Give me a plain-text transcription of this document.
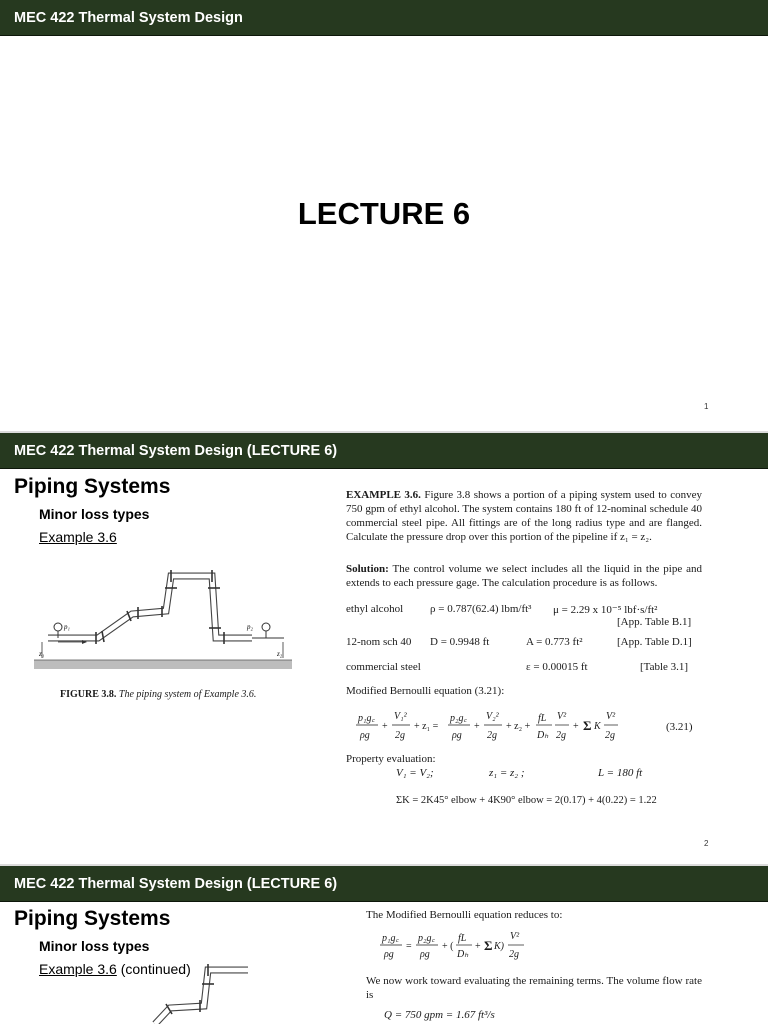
MEC 422 Thermal System Design
LECTURE 6
1
MEC 422 Thermal System Design (LECTURE 6)
Piping Systems
Minor loss types
Example 3.6
p₁	p₂
z₁	z₂
FIGURE 3.8. The piping system of Example 3.6.
EXAMPLE 3.6. Figure 3.8 shows a portion of a piping system used to convey 750 gpm of ethyl alcohol. The system contains 180 ft of 12-nominal schedule 40 commercial steel pipe. All fittings are of the long radius type and are flanged. Calculate the pressure drop over this portion of the pipeline if z₁ = z₂.
Solution: The control volume we select includes all the liquid in the pipe and extends to each pressure gage. The calculation procedure is as follows.
ethyl alcohol ρ = 0.787(62.4) lbm/ft³ μ = 2.29 x 10⁻⁵ lbf·s/ft²
[App. Table B.1]
12-nom sch 40 D = 0.9948 ft	A = 0.773 ft²	[App. Table D.1]
commercial steel	ε = 0.00015 ft	[Table 3.1]
Modified Bernoulli equation (3.21):
p₁g꜀
ρg
+
V₁²
2g
+ z₁ =
p₂g꜀
ρg
+
V₂²
2g
+ z₂ +
fL
Dₕ
V²
2g
+ Σ K
V²
2g
(3.21)
Property evaluation:
V₁ = V₂;	z₁ = z₂ ;	L = 180 ft
ΣK = 2K45° elbow + 4K90° elbow = 2(0.17) + 4(0.22) = 1.22
2
MEC 422 Thermal System Design (LECTURE 6)
Piping Systems
Minor loss types
Example 3.6 (continued)
The Modified Bernoulli equation reduces to:
p₁g꜀
ρg
=
p₂g꜀
ρg
+ (
fL
Dₕ
+ Σ K)
V²
2g
We now work toward evaluating the remaining terms. The volume flow rate is
Q = 750 gpm = 1.67 ft³/s
